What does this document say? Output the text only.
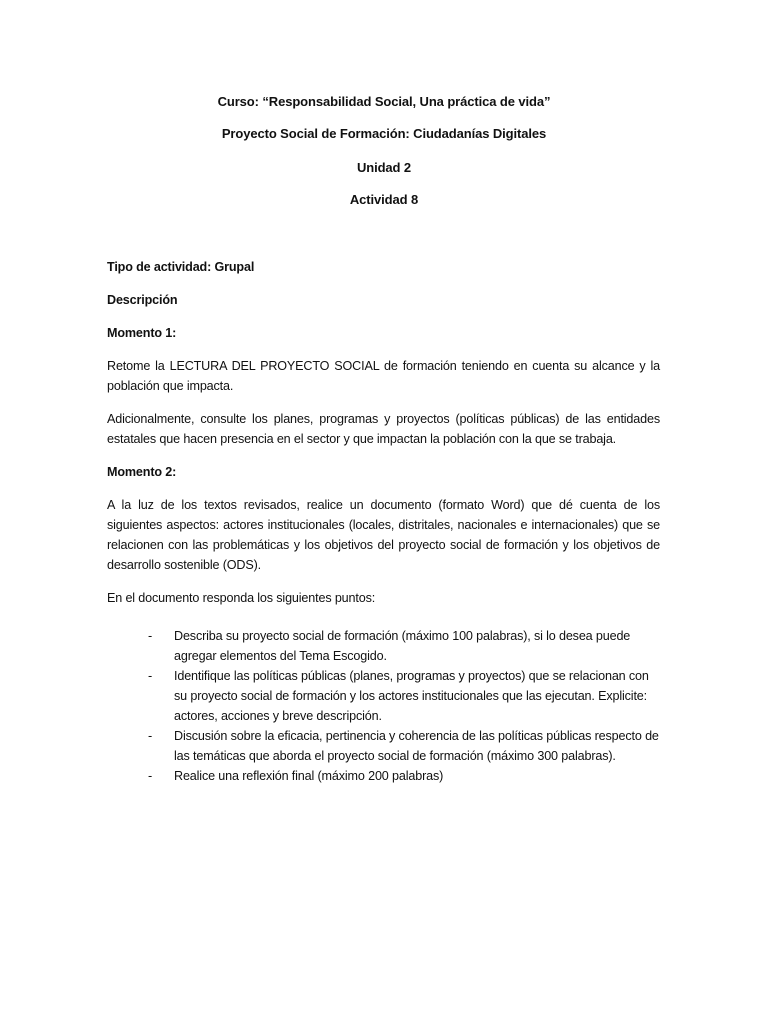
Curso: “Responsabilidad Social, Una práctica de vida”
Proyecto Social de Formación: Ciudadanías Digitales
Unidad 2
Actividad 8
Tipo de actividad: Grupal
Descripción
Momento 1:
Retome la LECTURA DEL PROYECTO SOCIAL de formación teniendo en cuenta su alcance y la población que impacta.
Adicionalmente, consulte los planes, programas y proyectos (políticas públicas) de las entidades estatales que hacen presencia en el sector y que impactan la población con la que se trabaja.
Momento 2:
A la luz de los textos revisados, realice un documento (formato Word) que dé cuenta de los siguientes aspectos: actores institucionales (locales, distritales, nacionales e internacionales) que se relacionen con las problemáticas y los objetivos del proyecto social de formación y los objetivos de desarrollo sostenible (ODS).
En el documento responda los siguientes puntos:
- Describa su proyecto social de formación (máximo 100 palabras), si lo desea puede agregar elementos del Tema Escogido.
- Identifique las políticas públicas (planes, programas y proyectos) que se relacionan con su proyecto social de formación y los actores institucionales que las ejecutan. Explicite: actores, acciones y breve descripción.
- Discusión sobre la eficacia, pertinencia y coherencia de las políticas públicas respecto de las temáticas que aborda el proyecto social de formación (máximo 300 palabras).
- Realice una reflexión final (máximo 200 palabras)
